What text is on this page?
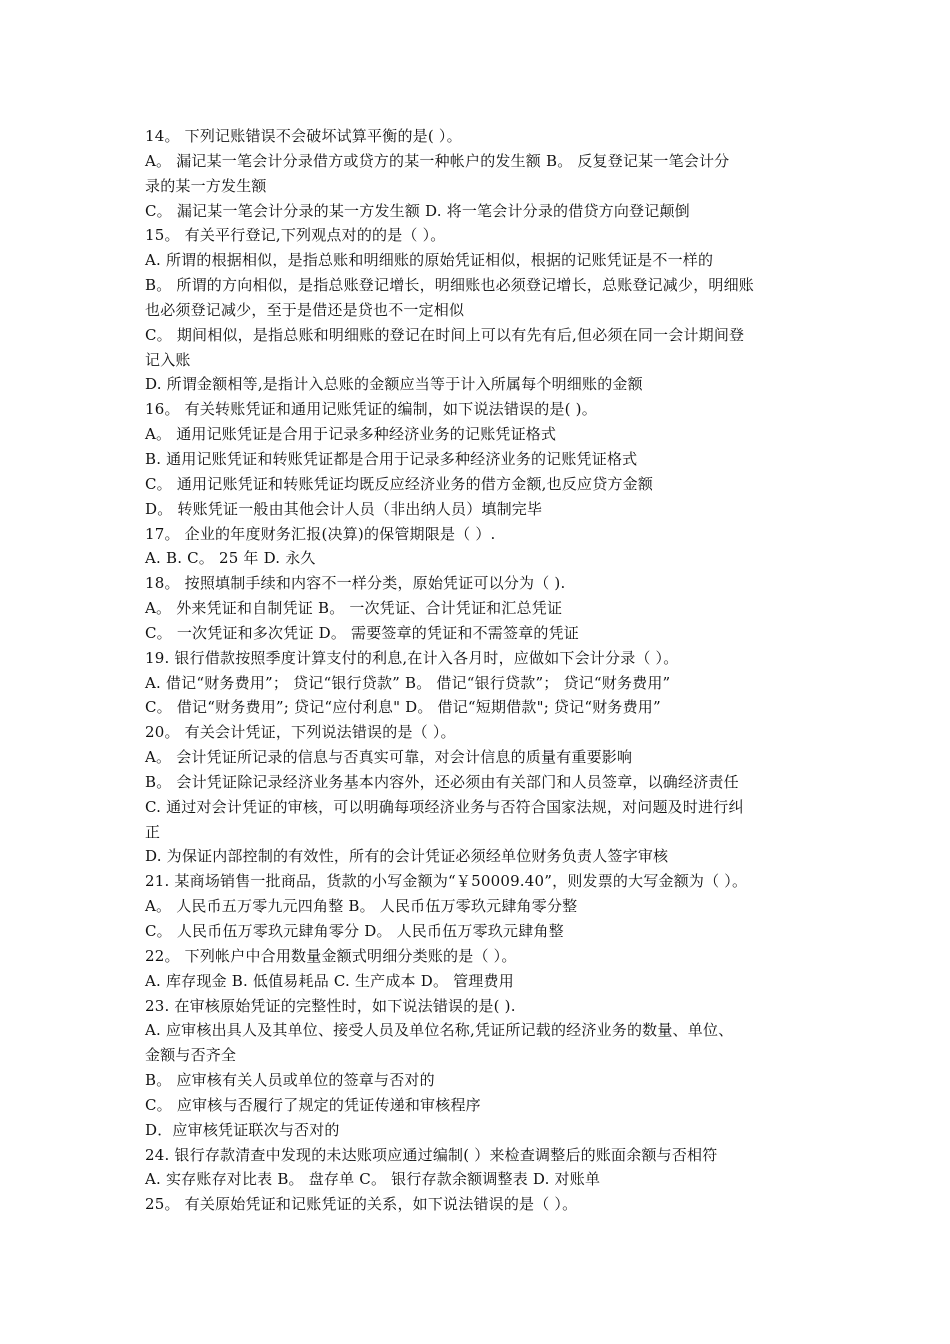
14。 下列记账错误不会破坏试算平衡的是( ）。
A。 漏记某一笔会计分录借方或贷方的某一种帐户的发生额 B。 反复登记某一笔会计分
录的某一方发生额
C。 漏记某一笔会计分录的某一方发生额 D. 将一笔会计分录的借贷方向登记颠倒
15。 有关平行登记,下列观点对的的是（ ）。
A. 所谓的根据相似，是指总账和明细账的原始凭证相似，根据的记账凭证是不一样的
B。 所谓的方向相似，是指总账登记增长，明细账也必须登记增长，总账登记减少，明细账
也必须登记减少，至于是借还是贷也不一定相似
C。 期间相似，是指总账和明细账的登记在时间上可以有先有后,但必须在同一会计期间登
记入账
D. 所谓金额相等,是指计入总账的金额应当等于计入所属每个明细账的金额
16。 有关转账凭证和通用记账凭证的编制，如下说法错误的是( )。
A。 通用记账凭证是合用于记录多种经济业务的记账凭证格式
B. 通用记账凭证和转账凭证都是合用于记录多种经济业务的记账凭证格式
C。 通用记账凭证和转账凭证均既反应经济业务的借方金额,也反应贷方金额
D。 转账凭证一般由其他会计人员（非出纳人员）填制完毕
17。 企业的年度财务汇报(决算)的保管期限是（ ）.
A. B. C。 25 年 D. 永久
18。 按照填制手续和内容不一样分类，原始凭证可以分为（ ).
A。 外来凭证和自制凭证 B。 一次凭证、合计凭证和汇总凭证
C。 一次凭证和多次凭证 D。 需要签章的凭证和不需签章的凭证
19. 银行借款按照季度计算支付的利息,在计入各月时，应做如下会计分录（ ）。
A. 借记“财务费用”； 贷记“银行贷款” B。 借记“银行贷款”； 贷记“财务费用”
C。 借记“财务费用”; 贷记“应付利息" D。 借记“短期借款"; 贷记“财务费用”
20。 有关会计凭证，下列说法错误的是（ ）。
A。 会计凭证所记录的信息与否真实可靠，对会计信息的质量有重要影响
B。 会计凭证除记录经济业务基本内容外，还必须由有关部门和人员签章，以确经济责任
C. 通过对会计凭证的审核，可以明确每项经济业务与否符合国家法规，对问题及时进行纠
正
D. 为保证内部控制的有效性，所有的会计凭证必须经单位财务负责人签字审核
21. 某商场销售一批商品，货款的小写金额为“￥50009.40”，则发票的大写金额为（ ）。
A。 人民币五万零九元四角整 B。 人民币伍万零玖元肆角零分整
C。 人民币伍万零玖元肆角零分 D。 人民币伍万零玖元肆角整
22。 下列帐户中合用数量金额式明细分类账的是（ ）。
A. 库存现金 B. 低值易耗品 C. 生产成本 D。 管理费用
23. 在审核原始凭证的完整性时，如下说法错误的是( ).
A. 应审核出具人及其单位、接受人员及单位名称,凭证所记载的经济业务的数量、单位、
金额与否齐全
B。 应审核有关人员或单位的签章与否对的
C。 应审核与否履行了规定的凭证传递和审核程序
D．应审核凭证联次与否对的
24. 银行存款清查中发现的未达账项应通过编制( ）来检查调整后的账面余额与否相符
A. 实存账存对比表 B。 盘存单 C。 银行存款余额调整表 D. 对账单
25。 有关原始凭证和记账凭证的关系，如下说法错误的是（ ）。
